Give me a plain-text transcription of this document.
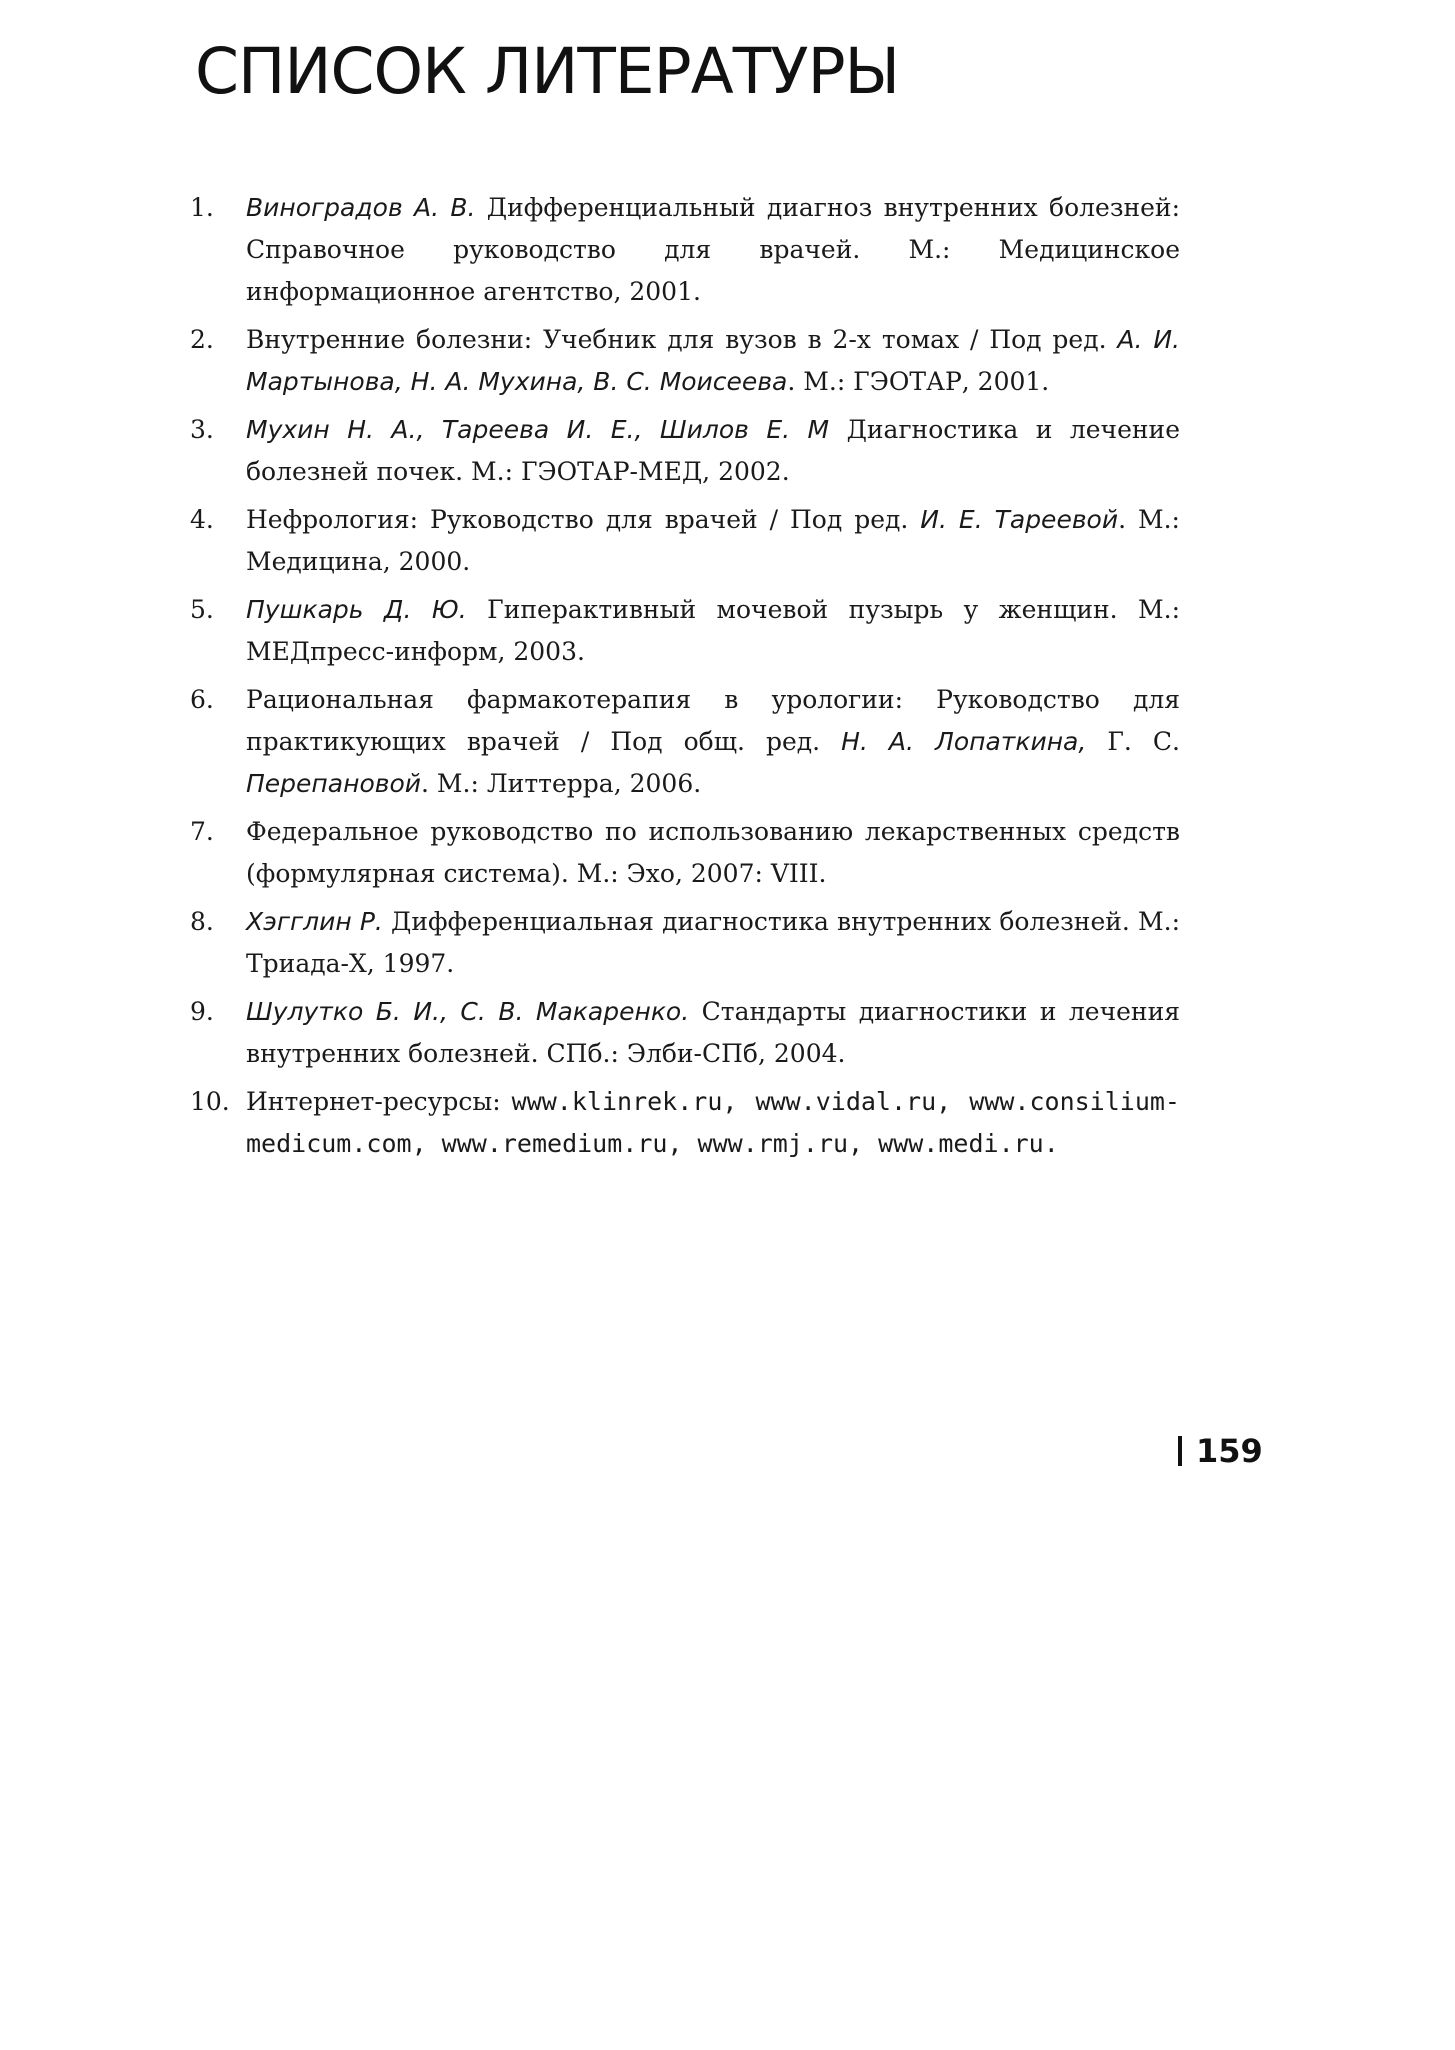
СПИСОК ЛИТЕРАТУРЫ
1. Виноградов А. В. Дифференциальный диагноз внутренних болезней: Справочное руководство для врачей. М.: Медицинское информационное агентство, 2001.
2. Внутренние болезни: Учебник для вузов в 2-х томах / Под ред. А. И. Мартынова, Н. А. Мухина, В. С. Моисеева. М.: ГЭОТАР, 2001.
3. Мухин Н. А., Тареева И. Е., Шилов Е. М Диагностика и лечение болезней почек. М.: ГЭОТАР-МЕД, 2002.
4. Нефрология: Руководство для врачей / Под ред. И. Е. Тареевой. М.: Медицина, 2000.
5. Пушкарь Д. Ю. Гиперактивный мочевой пузырь у женщин. М.: МЕДпресс-информ, 2003.
6. Рациональная фармакотерапия в урологии: Руководство для практикующих врачей / Под общ. ред. Н. А. Лопаткина, Г. С. Перепановой. М.: Литтерра, 2006.
7. Федеральное руководство по использованию лекарственных средств (формулярная система). М.: Эхо, 2007: VIII.
8. Хэгглин Р. Дифференциальная диагностика внутренних болезней. М.: Триада-Х, 1997.
9. Шулутко Б. И., С. В. Макаренко. Стандарты диагностики и лечения внутренних болезней. СПб.: Элби-СПб, 2004.
10. Интернет-ресурсы: www.klinrek.ru, www.vidal.ru, www.consilium-medicum.com, www.remedium.ru, www.rmj.ru, www.medi.ru.
159
